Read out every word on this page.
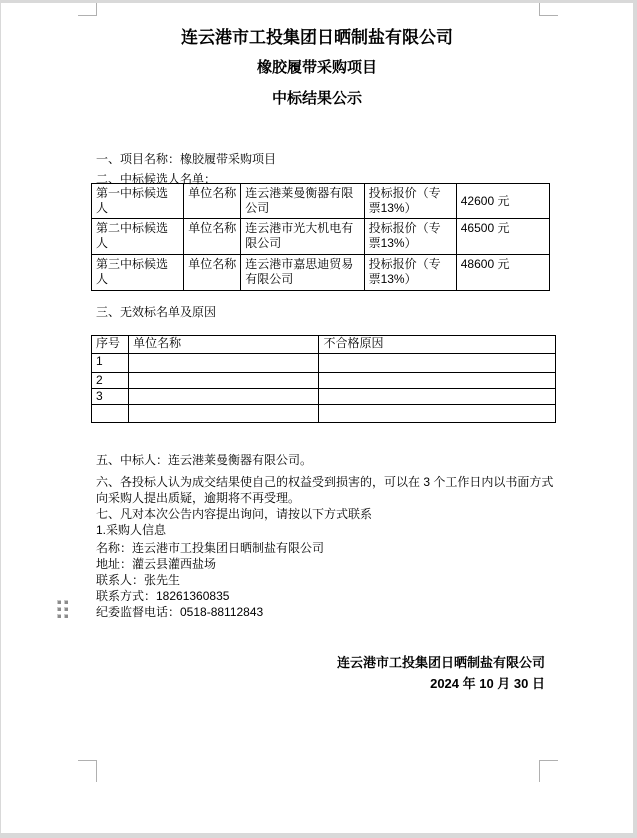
连云港市工投集团日晒制盐有限公司
橡胶履带采购项目
中标结果公示
一、项目名称：橡胶履带采购项目
二、中标候选人名单：
第一中标候选人	单位名称	连云港莱曼衡器有限公司	投标报价（专票13%）	42600 元
第二中标候选人	单位名称	连云港市光大机电有限公司	投标报价（专票13%）	46500 元
第三中标候选人	单位名称	连云港市嘉思迪贸易有限公司	投标报价（专票13%）	48600 元
三、无效标名单及原因
序号	单位名称	不合格原因
1		
2		
3		

五、中标人：连云港莱曼衡器有限公司。
六、各投标人认为成交结果使自己的权益受到损害的，可以在 3 个工作日内以书面方式向采购人提出质疑，逾期将不再受理。
七、凡对本次公告内容提出询问，请按以下方式联系
1.采购人信息
名称：连云港市工投集团日晒制盐有限公司
地址：灌云县灌西盐场
联系人：张先生
联系方式：18261360835
纪委监督电话：0518-88112843
连云港市工投集团日晒制盐有限公司
2024 年 10 月 30 日
